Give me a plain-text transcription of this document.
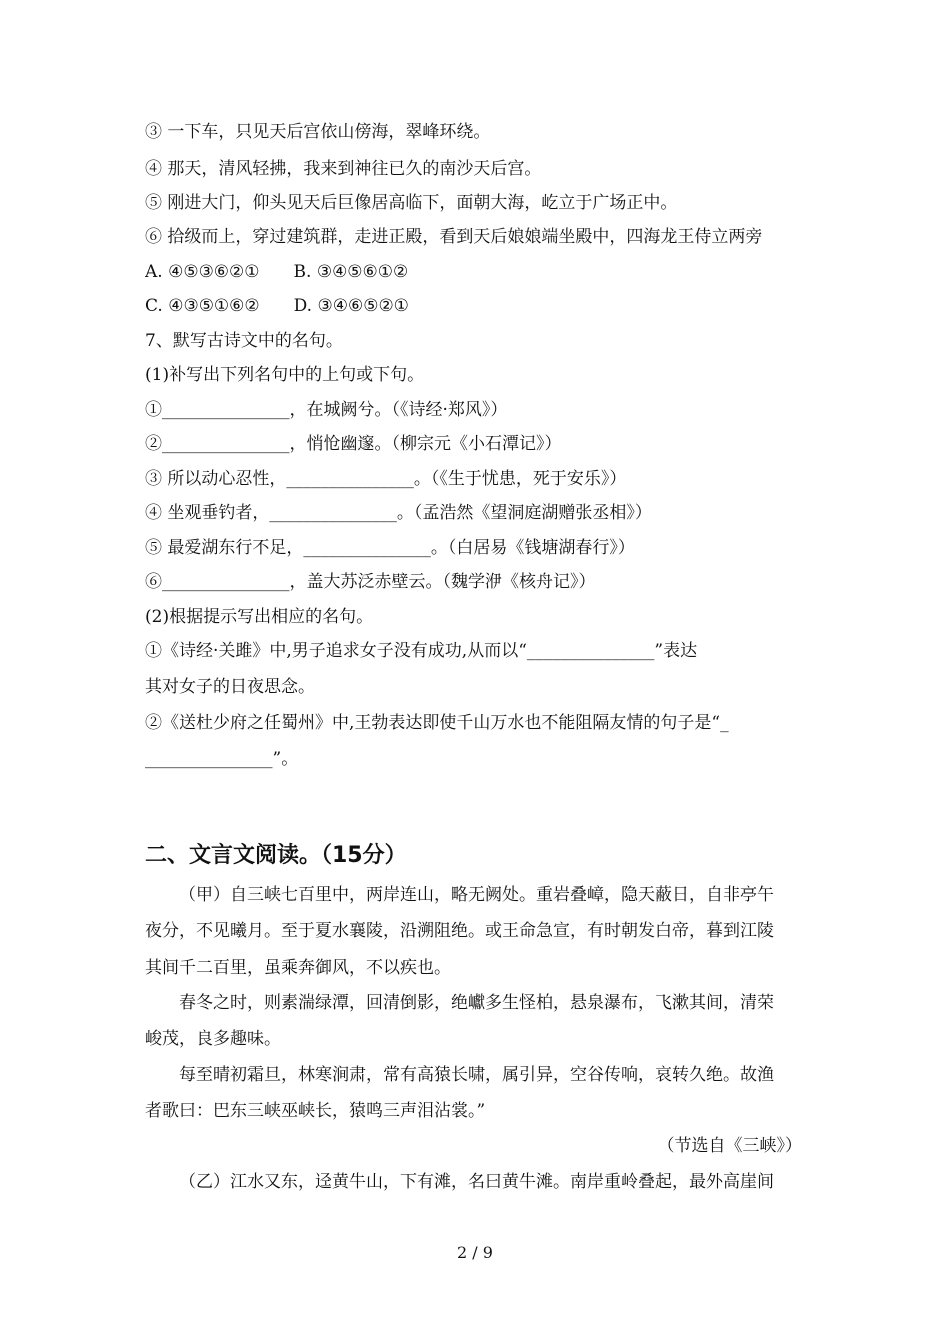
③ 一下车，只见天后宫依山傍海，翠峰环绕。
④ 那天，清风轻拂，我来到神往已久的南沙天后宫。
⑤ 刚进大门，仰头见天后巨像居高临下，面朝大海，屹立于广场正中。
⑥ 拾级而上，穿过建筑群，走进正殿，看到天后娘娘端坐殿中，四海龙王侍立两旁
A. ④⑤③⑥②①　　B. ③④⑤⑥①②
C. ④③⑤①⑥②　　D. ③④⑥⑤②①
7、默写古诗文中的名句。
(1)补写出下列名句中的上句或下句。
①_______________，在城阙兮。（《诗经·郑风》）
②_______________，悄怆幽邃。（柳宗元《小石潭记》）
③ 所以动心忍性，_______________。（《生于忧患，死于安乐》）
④ 坐观垂钓者，_______________。（孟浩然《望洞庭湖赠张丞相》）
⑤ 最爱湖东行不足，_______________。（白居易《钱塘湖春行》）
⑥_______________，盖大苏泛赤壁云。（魏学洢《核舟记》）
(2)根据提示写出相应的名句。
①《诗经·关雎》中,男子追求女子没有成功,从而以“_______________”表达
其对女子的日夜思念。
②《送杜少府之任蜀州》中,王勃表达即使千山万水也不能阻隔友情的句子是“_
_______________”。
二、文言文阅读。（15分）
（甲）自三峡七百里中，两岸连山，略无阙处。重岩叠嶂，隐天蔽日，自非亭午
夜分，不见曦月。至于夏水襄陵，沿溯阻绝。或王命急宣，有时朝发白帝，暮到江陵
其间千二百里，虽乘奔御风，不以疾也。
春冬之时，则素湍绿潭，回清倒影，绝巘多生怪柏，悬泉瀑布，飞漱其间，清荣
峻茂，良多趣味。
每至晴初霜旦，林寒涧肃，常有高猿长啸，属引异，空谷传响，哀转久绝。故渔
者歌曰：巴东三峡巫峡长，猿鸣三声泪沾裳。”
（节选自《三峡》）
（乙）江水又东，迳黄牛山，下有滩，名曰黄牛滩。南岸重岭叠起，最外高崖间
2 / 9
